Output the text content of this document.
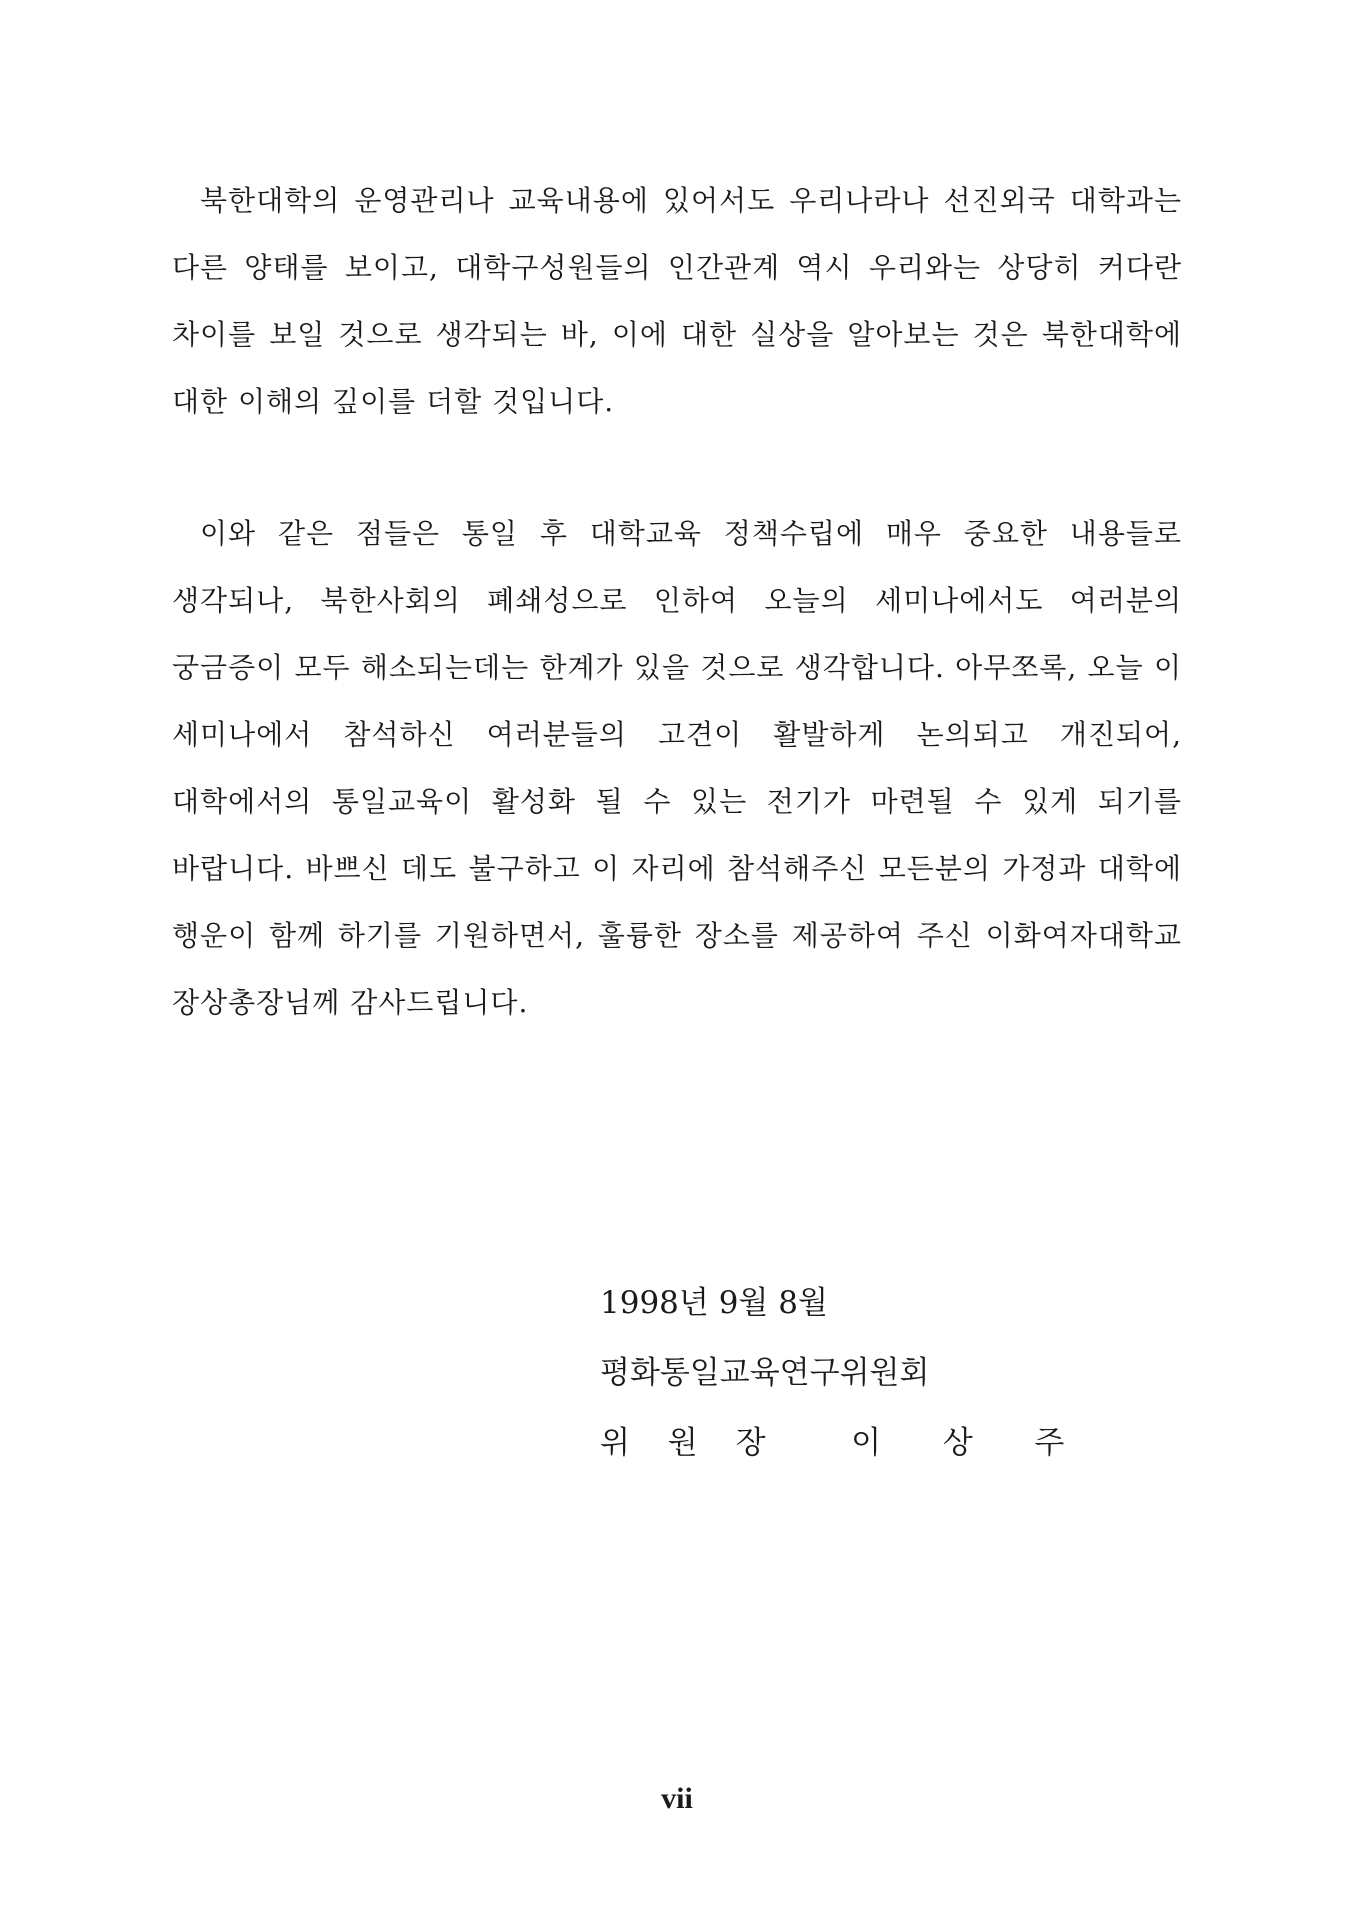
북한대학의 운영관리나 교육내용에 있어서도 우리나라나 선진외국 대학과는 다른 양태를 보이고, 대학구성원들의 인간관계 역시 우리와는 상당히 커다란 차이를 보일 것으로 생각되는 바, 이에 대한 실상을 알아보는 것은 북한대학에 대한 이해의 깊이를 더할 것입니다.

이와 같은 점들은 통일 후 대학교육 정책수립에 매우 중요한 내용들로 생각되나, 북한사회의 폐쇄성으로 인하여 오늘의 세미나에서도 여러분의 궁금증이 모두 해소되는데는 한계가 있을 것으로 생각합니다. 아무쪼록, 오늘 이 세미나에서 참석하신 여러분들의 고견이 활발하게 논의되고 개진되어, 대학에서의 통일교육이 활성화 될 수 있는 전기가 마련될 수 있게 되기를 바랍니다. 바쁘신 데도 불구하고 이 자리에 참석해주신 모든분의 가정과 대학에 행운이 함께 하기를 기원하면서, 훌륭한 장소를 제공하여 주신 이화여자대학교 장상총장님께 감사드립니다.

1998년 9월 8월
평화통일교육연구위원회
위 원 장   이  상  주
vii
